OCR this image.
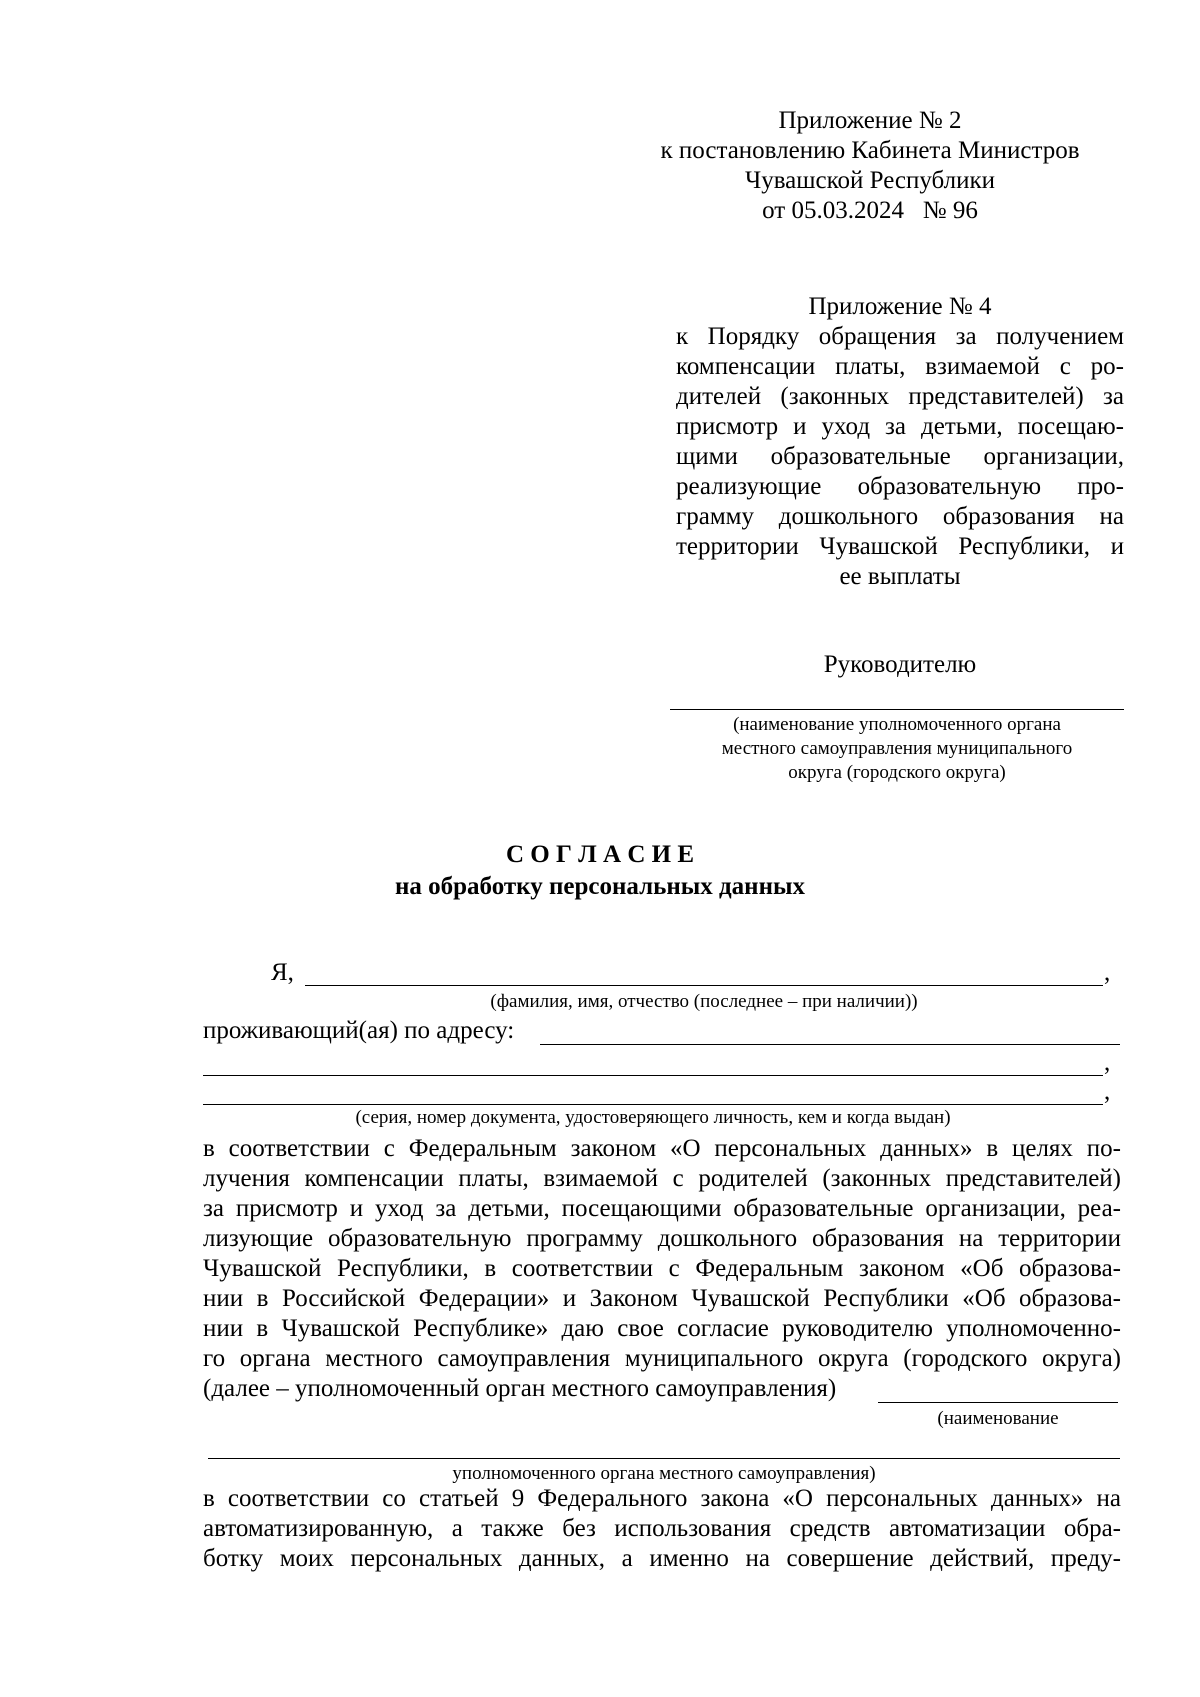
Приложение № 2
к постановлению Кабинета Министров
Чувашской Республики
от 05.03.2024   № 96
Приложение № 4
к Порядку обращения за получением
компенсации платы, взимаемой с ро-
дителей (законных представителей) за
присмотр и уход за детьми, посещаю-
щими образовательные организации,
реализующие образовательную про-
грамму дошкольного образования на
территории Чувашской Республики, и
ее выплаты
Руководителю
(наименование уполномоченного органа
местного самоуправления муниципального
округа (городского округа)
С О Г Л А С И Е
на обработку персональных данных
Я,	,
(фамилия, имя, отчество (последнее – при наличии))
проживающий(ая) по адресу:
,
,
(серия, номер документа, удостоверяющего личность, кем и когда выдан)
в соответствии с Федеральным законом «О персональных данных» в целях по-
лучения компенсации платы, взимаемой с родителей (законных представителей)
за присмотр и уход за детьми, посещающими образовательные организации, реа-
лизующие образовательную программу дошкольного образования на территории
Чувашской Республики, в соответствии с Федеральным законом «Об образова-
нии в Российской Федерации» и Законом Чувашской Республики «Об образова-
нии в Чувашской Республике» даю свое согласие руководителю уполномоченно-
го органа местного самоуправления муниципального округа (городского округа)
(далее – уполномоченный орган местного самоуправления)
(наименование
уполномоченного органа местного самоуправления)
в соответствии со статьей 9 Федерального закона «О персональных данных» на
автоматизированную, а также без использования средств автоматизации обра-
ботку моих персональных данных, а именно на совершение действий, преду-
